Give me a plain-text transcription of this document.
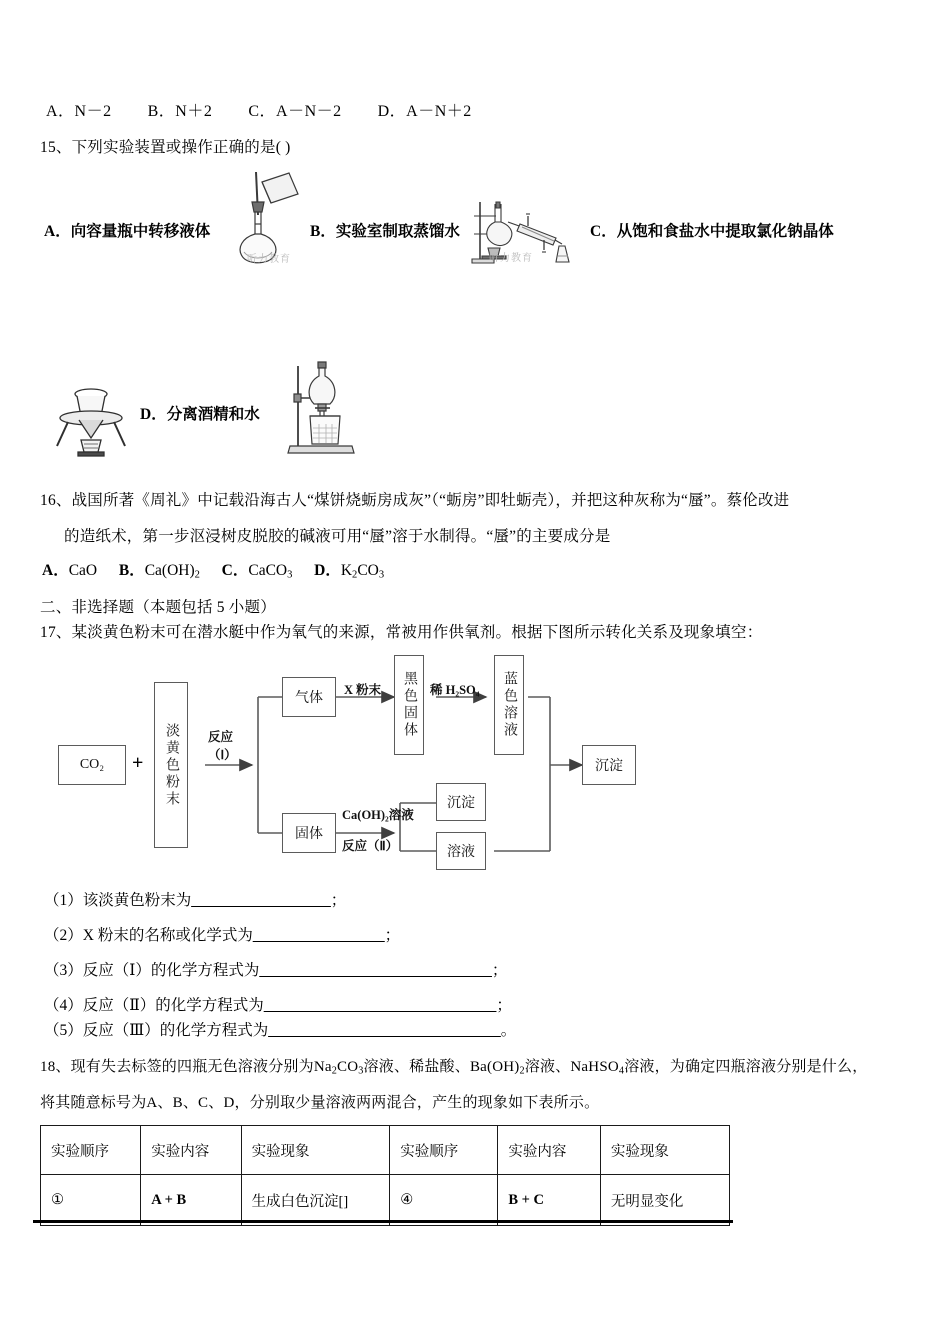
A．N－2        B．N＋2        C．A－N－2        D．A－N＋2
15、下列实验装置或操作正确的是( )
A．向容量瓶中转移液体	B．实验室制取蒸馏水	C．从饱和食盐水中提取氯化钠晶体
D．分离酒精和水
听力教育	听力教育
16、战国所著《周礼》中记载沿海古人“煤饼烧蛎房成灰”（“蛎房”即牡蛎壳），并把这种灰称为“蜃”。蔡伦改进
的造纸术，第一步沤浸树皮脱胶的碱液可用“蜃”溶于水制得。“蜃”的主要成分是
A．CaO B．$Ca(OH)_2$ C．CaCO$_3$ D．$K_2CO_3$
二、非选择题（本题包括 5 小题）
17、某淡黄色粉末可在潜水艇中作为氧气的来源，常被用作供氧剂。根据下图所示转化关系及现象填空：
CO₂ + 淡黄色粉末 反应
（Ⅰ）
气体
X 粉末 黑色固体 稀 H₂SO₄ 蓝色溶液
固体
Ca(OH)₂溶液
反应（Ⅱ）
沉淀
溶液
沉淀
（1）该淡黄色粉末为__________________；
（2）X 粉末的名称或化学式为_________________；
（3）反应（Ⅰ）的化学方程式为______________________________；
（4）反应（Ⅱ）的化学方程式为______________________________；
（5）反应（Ⅲ）的化学方程式为______________________________。
18、现有失去标签的四瓶无色溶液分别为$Na_2CO_3$溶液、稀盐酸、$Ba(OH)_2$溶液、NaHSO$_4$溶液，为确定四瓶溶液分别是什么，
将其随意标号为A、B、C、D，分别取少量溶液两两混合，产生的现象如下表所示。
实验顺序	实验内容	实验现象	实验顺序	实验内容	实验现象
①	A + B	生成白色沉淀[]	④	B + C	无明显变化
